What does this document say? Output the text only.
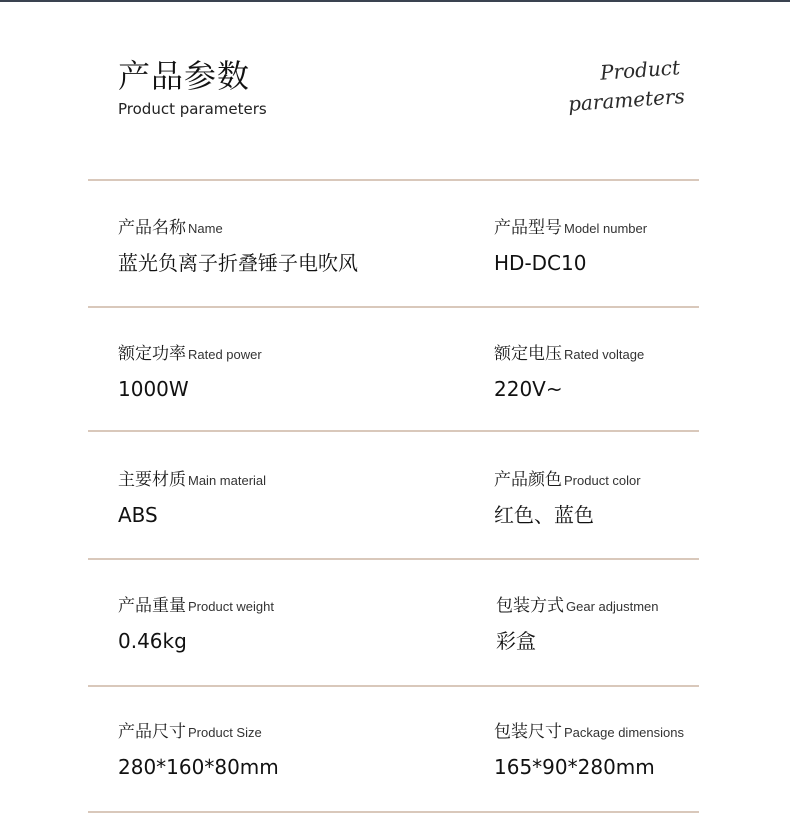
产品参数
Product parameters
Product
parameters
产品名称 Name
蓝光负离子折叠锤子电吹风
产品型号 Model number
HD-DC10
额定功率 Rated power
1000W
额定电压 Rated voltage
220V~
主要材质 Main material
ABS
产品颜色 Product color
红色、蓝色
产品重量 Product weight
0.46kg
包装方式 Gear adjustmen
彩盒
产品尺寸 Product Size
280*160*80mm
包装尺寸 Package dimensions
165*90*280mm
